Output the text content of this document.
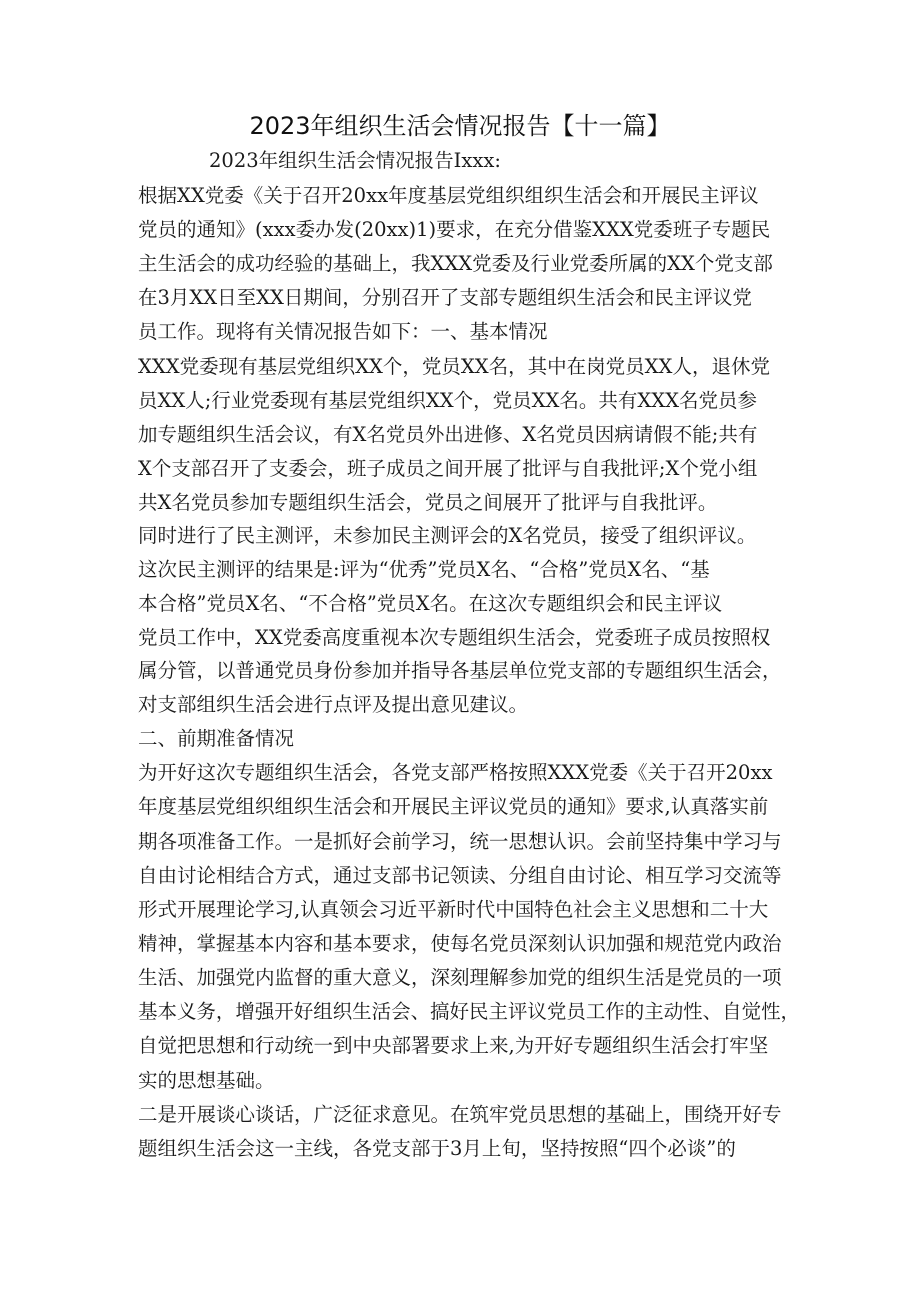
2023年组织生活会情况报告【十一篇】
2023年组织生活会情况报告Ixxx:
根据XX党委《关于召开20xx年度基层党组织组织生活会和开展民主评议
党员的通知》(xxx委办发(20xx)1)要求，在充分借鉴XXX党委班子专题民
主生活会的成功经验的基础上，我XXX党委及行业党委所属的XX个党支部
在3月XX日至XX日期间，分别召开了支部专题组织生活会和民主评议党
员工作。现将有关情况报告如下：一、基本情况
XXX党委现有基层党组织XX个，党员XX名，其中在岗党员XX人，退休党
员XX人;行业党委现有基层党组织XX个，党员XX名。共有XXX名党员参
加专题组织生活会议，有X名党员外出进修、X名党员因病请假不能;共有
X个支部召开了支委会，班子成员之间开展了批评与自我批评;X个党小组
共X名党员参加专题组织生活会，党员之间展开了批评与自我批评。
同时进行了民主测评，未参加民主测评会的X名党员，接受了组织评议。
这次民主测评的结果是:评为“优秀”党员X名、“合格”党员X名、“基
本合格”党员X名、“不合格”党员X名。在这次专题组织会和民主评议
党员工作中，XX党委高度重视本次专题组织生活会，党委班子成员按照权
属分管，以普通党员身份参加并指导各基层单位党支部的专题组织生活会，
对支部组织生活会进行点评及提出意见建议。
二、前期准备情况
为开好这次专题组织生活会，各党支部严格按照XXX党委《关于召开20xx
年度基层党组织组织生活会和开展民主评议党员的通知》要求,认真落实前
期各项准备工作。一是抓好会前学习，统一思想认识。会前坚持集中学习与
自由讨论相结合方式，通过支部书记领读、分组自由讨论、相互学习交流等
形式开展理论学习,认真领会习近平新时代中国特色社会主义思想和二十大
精神，掌握基本内容和基本要求，使每名党员深刻认识加强和规范党内政治
生活、加强党内监督的重大意义，深刻理解参加党的组织生活是党员的一项
基本义务，增强开好组织生活会、搞好民主评议党员工作的主动性、自觉性，
自觉把思想和行动统一到中央部署要求上来,为开好专题组织生活会打牢坚
实的思想基础。
二是开展谈心谈话，广泛征求意见。在筑牢党员思想的基础上，围绕开好专
题组织生活会这一主线，各党支部于3月上旬，坚持按照“四个必谈”的
